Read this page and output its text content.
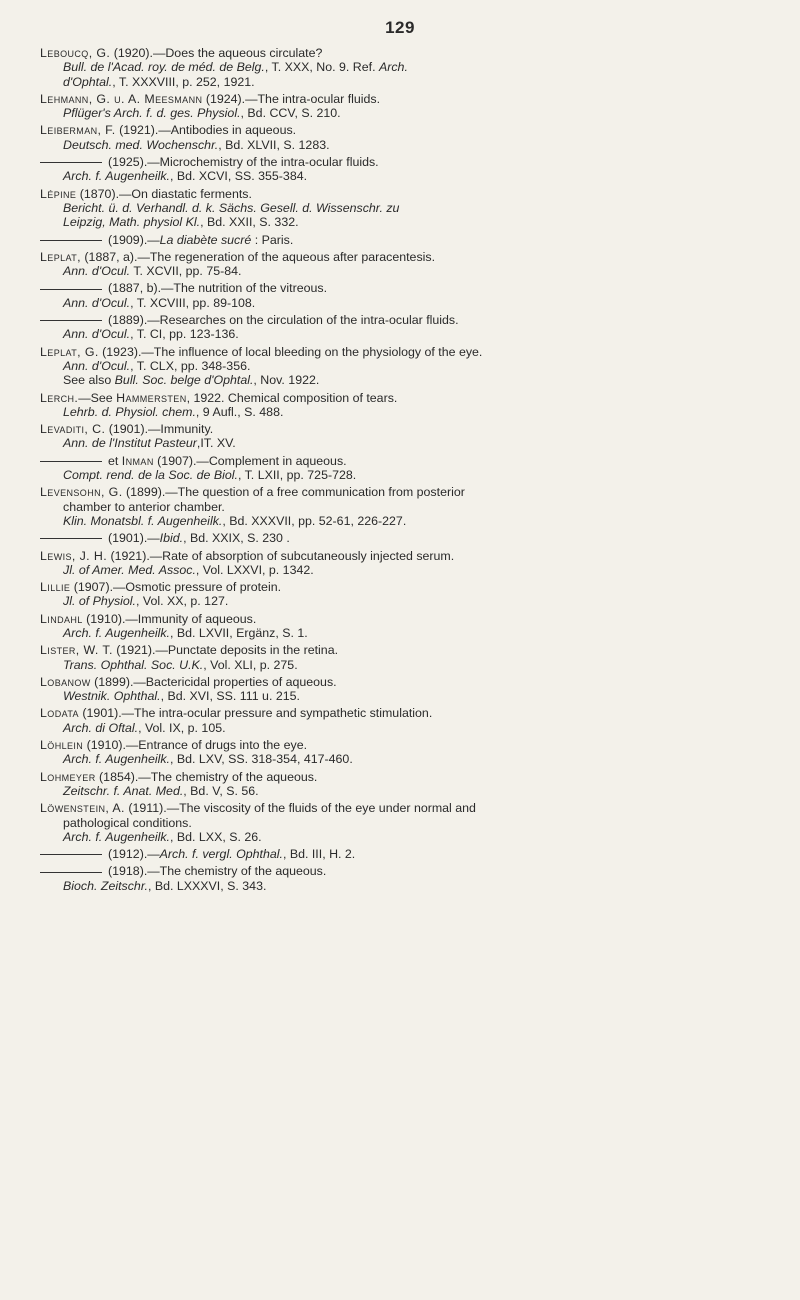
129
Leboucq, G. (1920).—Does the aqueous circulate?
Bull. de l'Acad. roy. de méd. de Belg., T. XXX, No. 9. Ref. Arch.
d'Ophtal., T. XXXVIII, p. 252, 1921.
Lehmann, G. u. A. Meesmann (1924).—The intra-ocular fluids.
Pflüger's Arch. f. d. ges. Physiol., Bd. CCV, S. 210.
Leiberman, F. (1921).—Antibodies in aqueous.
Deutsch. med. Wochenschr., Bd. XLVII, S. 1283.
(1925).—Microchemistry of the intra-ocular fluids.
Arch. f. Augenheilk., Bd. XCVI, SS. 355-384.
Lépine (1870).—On diastatic ferments.
Bericht. ü. d. Verhandl. d. k. Sächs. Gesell. d. Wissenschr. zu
Leipzig, Math. physiol Kl., Bd. XXII, S. 332.
(1909).—La diabète sucré : Paris.
Leplat, (1887, a).—The regeneration of the aqueous after paracentesis.
Ann. d'Ocul. T. XCVII, pp. 75-84.
(1887, b).—The nutrition of the vitreous.
Ann. d'Ocul., T. XCVIII, pp. 89-108.
(1889).—Researches on the circulation of the intra-ocular fluids.
Ann. d'Ocul., T. CI, pp. 123-136.
Leplat, G. (1923).—The influence of local bleeding on the physiology of the eye.
Ann. d'Ocul., T. CLX, pp. 348-356.
See also Bull. Soc. belge d'Ophtal., Nov. 1922.
Lerch.—See Hammersten, 1922. Chemical composition of tears.
Lehrb. d. Physiol. chem., 9 Aufl., S. 488.
Levaditi, C. (1901).—Immunity.
Ann. de l'Institut Pasteur,IT. XV.
et Inman (1907).—Complement in aqueous.
Compt. rend. de la Soc. de Biol., T. LXII, pp. 725-728.
Levensohn, G. (1899).—The question of a free communication from posterior
chamber to anterior chamber.
Klin. Monatsbl. f. Augenheilk., Bd. XXXVII, pp. 52-61, 226-227.
(1901).—Ibid., Bd. XXIX, S. 230 .
Lewis, J. H. (1921).—Rate of absorption of subcutaneously injected serum.
Jl. of Amer. Med. Assoc., Vol. LXXVI, p. 1342.
Lillie (1907).—Osmotic pressure of protein.
Jl. of Physiol., Vol. XX, p. 127.
Lindahl (1910).—Immunity of aqueous.
Arch. f. Augenheilk., Bd. LXVII, Ergänz, S. 1.
Lister, W. T. (1921).—Punctate deposits in the retina.
Trans. Ophthal. Soc. U.K., Vol. XLI, p. 275.
Lobanow (1899).—Bactericidal properties of aqueous.
Westnik. Ophthal., Bd. XVI, SS. 111 u. 215.
Lodata (1901).—The intra-ocular pressure and sympathetic stimulation.
Arch. di Oftal., Vol. IX, p. 105.
Löhlein (1910).—Entrance of drugs into the eye.
Arch. f. Augenheilk., Bd. LXV, SS. 318-354, 417-460.
Lohmeyer (1854).—The chemistry of the aqueous.
Zeitschr. f. Anat. Med., Bd. V, S. 56.
Löwenstein, A. (1911).—The viscosity of the fluids of the eye under normal and
pathological conditions.
Arch. f. Augenheilk., Bd. LXX, S. 26.
(1912).—Arch. f. vergl. Ophthal., Bd. III, H. 2.
(1918).—The chemistry of the aqueous.
Bioch. Zeitschr., Bd. LXXXVI, S. 343.
